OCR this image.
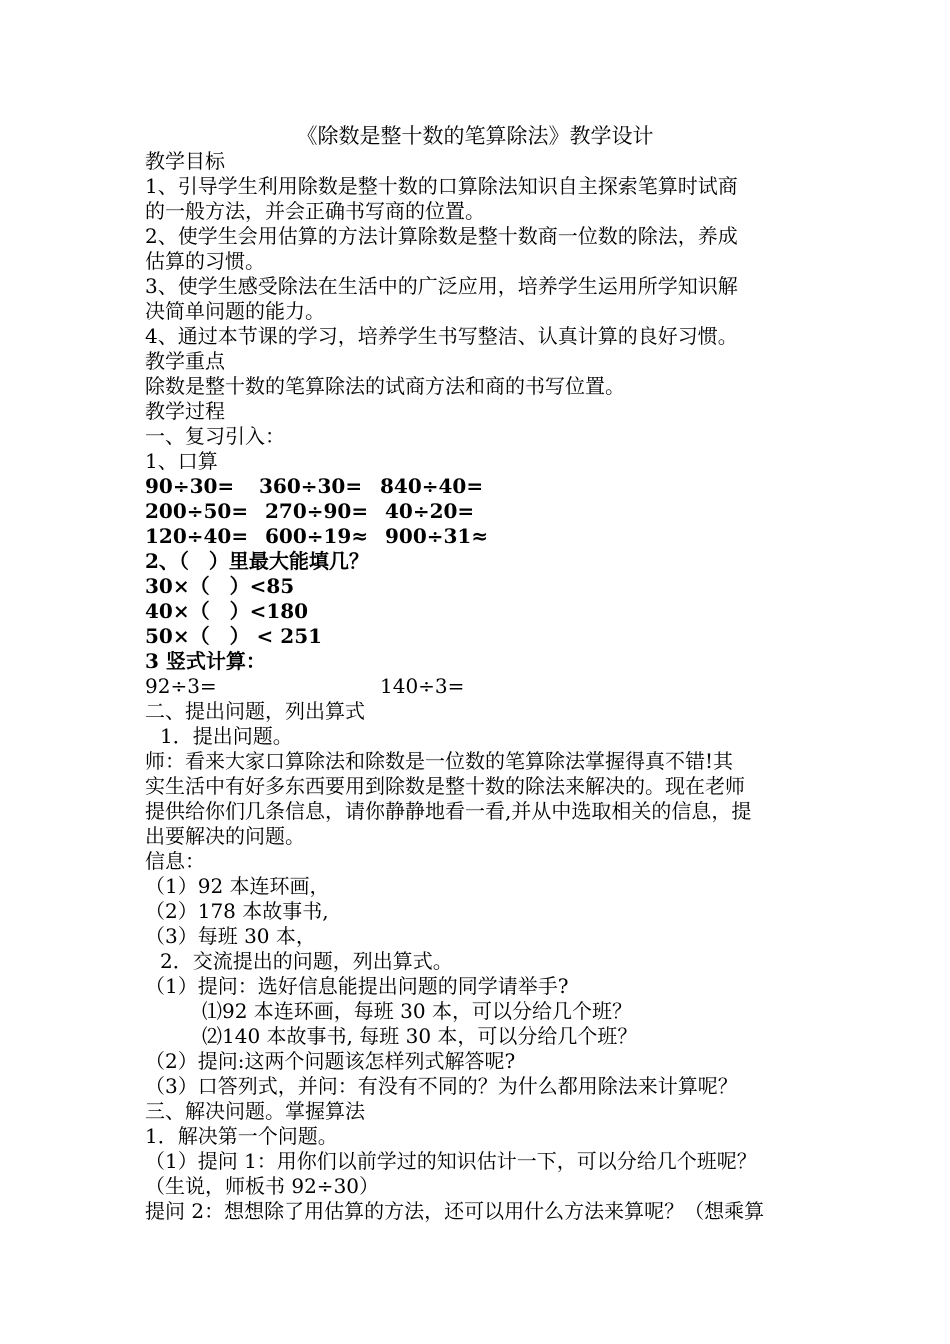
《除数是整十数的笔算除法》教学设计
教学目标
1、引导学生利用除数是整十数的口算除法知识自主探索笔算时试商
的一般方法，并会正确书写商的位置。
2、使学生会用估算的方法计算除数是整十数商一位数的除法，养成
估算的习惯。
3、使学生感受除法在生活中的广泛应用，培养学生运用所学知识解
决简单问题的能力。
4、通过本节课的学习，培养学生书写整洁、认真计算的良好习惯。
教学重点
除数是整十数的笔算除法的试商方法和商的书写位置。
教学过程
一、复习引入：
1、口算
90÷30= 360÷30= 840÷40=
200÷50= 270÷90= 40÷20=
120÷40= 600÷19≈ 900÷31≈
2、（　）里最大能填几？
30×（　）<85
40×（　）<180
50×（　） < 251
3 竖式计算：
92÷3=	140÷3=
二、提出问题，列出算式
1．提出问题。
师：看来大家口算除法和除数是一位数的笔算除法掌握得真不错!其
实生活中有好多东西要用到除数是整十数的除法来解决的。现在老师
提供给你们几条信息，请你静静地看一看,并从中选取相关的信息，提
出要解决的问题。
信息：
（1）92 本连环画，
（2）178 本故事书,
（3）每班 30 本，
2．交流提出的问题，列出算式。
（1）提问：选好信息能提出问题的同学请举手?
⑴92 本连环画，每班 30 本，可以分给几个班？
⑵140 本故事书, 每班 30 本，可以分给几个班？
（2）提问:这两个问题该怎样列式解答呢?
（3）口答列式，并问：有没有不同的？为什么都用除法来计算呢？
三、解决问题。掌握算法
1．解决第一个问题。
（1）提问 1：用你们以前学过的知识估计一下，可以分给几个班呢？
（生说，师板书 92÷30）
提问 2：想想除了用估算的方法，还可以用什么方法来算呢？（想乘算
